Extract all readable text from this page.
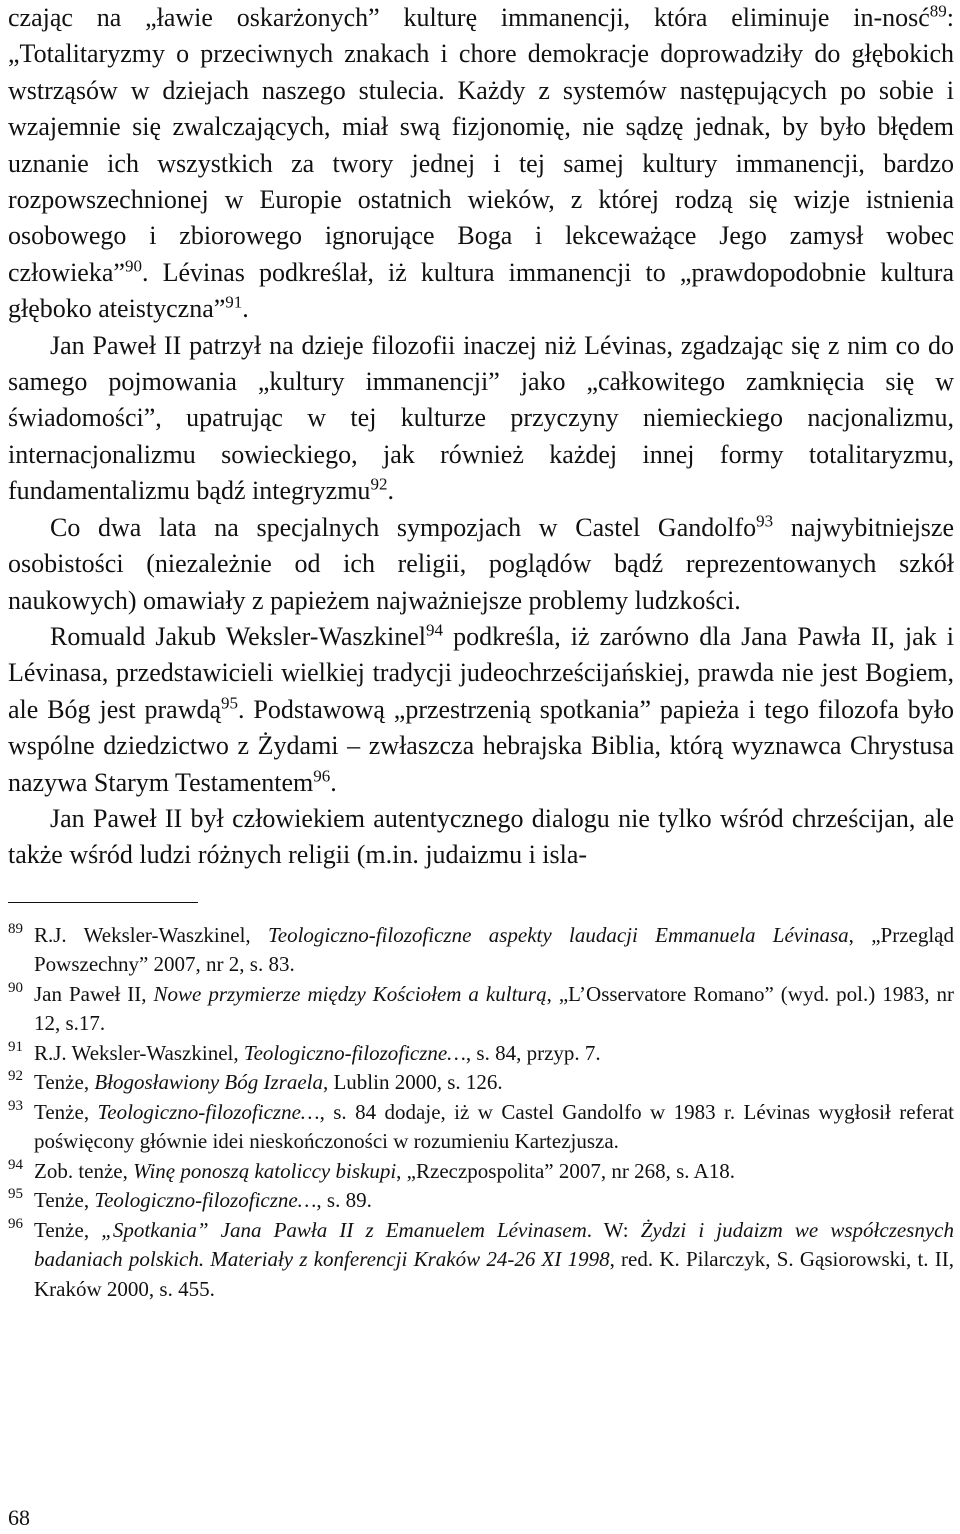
czając na „ławie oskarżonych” kulturę immanencji, która eliminuje in-nosć$^{89}$: „Totalitaryzmy o przeciwnych znakach i chore demokracje doprowadziły do głębokich wstrząsów w dziejach naszego stulecia. Każdy z systemów następujących po sobie i wzajemnie się zwalczających, miał swą fizjonomię, nie sądzę jednak, by było błędem uznanie ich wszystkich za twory jednej i tej samej kultury immanencji, bardzo rozpowszechnionej w Europie ostatnich wieków, z której rodzą się wizje istnienia osobowego i zbiorowego ignorujące Boga i lekceważące Jego zamysł wobec człowieka”$^{90}$. Lévinas podkreślał, iż kultura immanencji to „prawdopodobnie kultura głęboko ateistyczna”$^{91}$.

Jan Paweł II patrzył na dzieje filozofii inaczej niż Lévinas, zgadzając się z nim co do samego pojmowania „kultury immanencji” jako „całkowitego zamknięcia się w świadomości”, upatrując w tej kulturze przyczyny niemieckiego nacjonalizmu, internacjonalizmu sowieckiego, jak również każdej innej formy totalitaryzmu, fundamentalizmu bądź integryzmu$^{92}$.

Co dwa lata na specjalnych sympozjach w Castel Gandolfo$^{93}$ najwybitniejsze osobistości (niezależnie od ich religii, poglądów bądź reprezentowanych szkół naukowych) omawiały z papieżem najważniejsze problemy ludzkości.

Romuald Jakub Weksler-Waszkinel$^{94}$ podkreśla, iż zarówno dla Jana Pawła II, jak i Lévinasa, przedstawicieli wielkiej tradycji judeochrześcijańskiej, prawda nie jest Bogiem, ale Bóg jest prawdą$^{95}$. Podstawową „przestrzenią spotkania” papieża i tego filozofa było wspólne dziedzictwo z Żydami – zwłaszcza hebrajska Biblia, którą wyznawca Chrystusa nazywa Starym Testamentem$^{96}$.

Jan Paweł II był człowiekiem autentycznego dialogu nie tylko wśród chrześcijan, ale także wśród ludzi różnych religii (m.in. judaizmu i isla-

89 R.J. Weksler-Waszkinel, Teologiczno-filozoficzne aspekty laudacji Emmanuela Lévinasa, „Przegląd Powszechny” 2007, nr 2, s. 83.

90 Jan Paweł II, Nowe przymierze między Kościołem a kulturą, „L’Osservatore Romano” (wyd. pol.) 1983, nr 12, s.17.

91 R.J. Weksler-Waszkinel, Teologiczno-filozoficzne…, s. 84, przyp. 7.

92 Tenże, Błogosławiony Bóg Izraela, Lublin 2000, s. 126.

93 Tenże, Teologiczno-filozoficzne…, s. 84 dodaje, iż w Castel Gandolfo w 1983 r. Lévinas wygłosił referat poświęcony głównie idei nieskończoności w rozumieniu Kartezjusza.

94 Zob. tenże, Winę ponoszą katoliccy biskupi, „Rzeczpospolita” 2007, nr 268, s. A18.

95 Tenże, Teologiczno-filozoficzne…, s. 89.

96 Tenże, „Spotkania” Jana Pawła II z Emanuelem Lévinasem. W: Żydzi i judaizm we współczesnych badaniach polskich. Materiały z konferencji Kraków 24-26 XI 1998, red. K. Pilarczyk, S. Gąsiorowski, t. II, Kraków 2000, s. 455.

68
